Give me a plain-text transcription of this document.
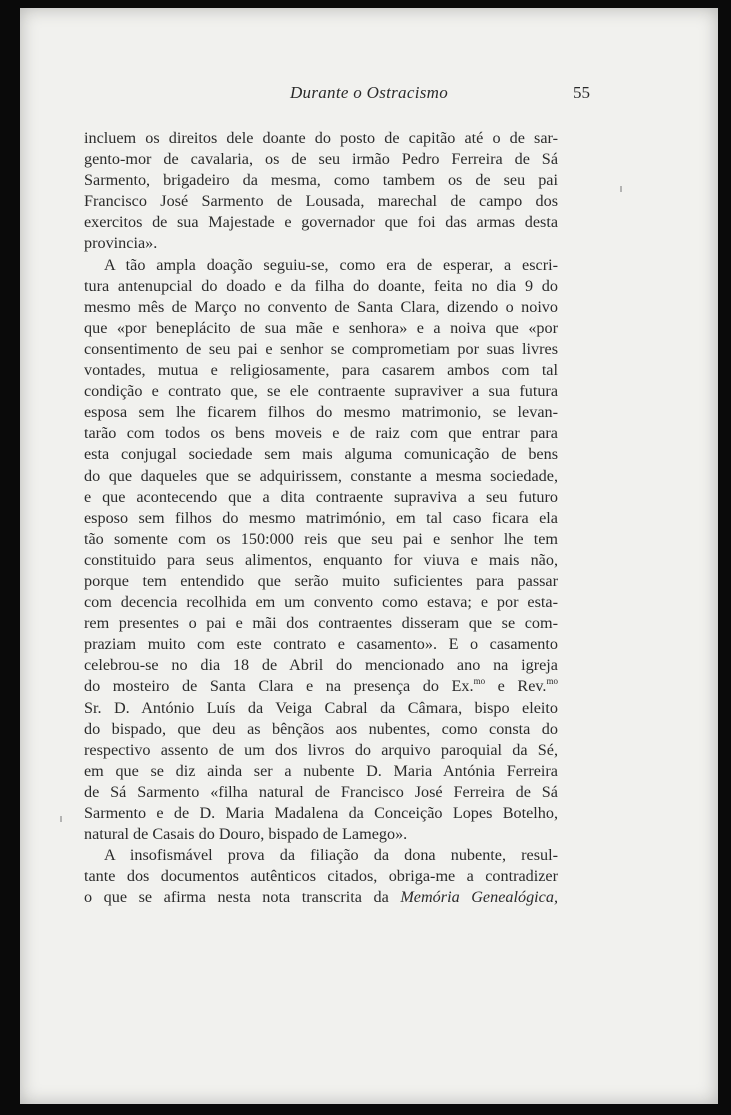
Durante o Ostracismo	55
incluem os direitos dele doante do posto de capitão até o de sar-
gento-mor de cavalaria, os de seu irmão Pedro Ferreira de Sá
Sarmento, brigadeiro da mesma, como tambem os de seu pai
Francisco José Sarmento de Lousada, marechal de campo dos
exercitos de sua Majestade e governador que foi das armas desta
provincia».
A tão ampla doação seguiu-se, como era de esperar, a escri-
tura antenupcial do doado e da filha do doante, feita no dia 9 do
mesmo mês de Março no convento de Santa Clara, dizendo o noivo
que «por beneplácito de sua mãe e senhora» e a noiva que «por
consentimento de seu pai e senhor se comprometiam por suas livres
vontades, mutua e religiosamente, para casarem ambos com tal
condição e contrato que, se ele contraente supraviver a sua futura
esposa sem lhe ficarem filhos do mesmo matrimonio, se levan-
tarão com todos os bens moveis e de raiz com que entrar para
esta conjugal sociedade sem mais alguma comunicação de bens
do que daqueles que se adquirissem, constante a mesma sociedade,
e que acontecendo que a dita contraente supraviva a seu futuro
esposo sem filhos do mesmo matrimónio, em tal caso ficara ela
tão somente com os 150:000 reis que seu pai e senhor lhe tem
constituido para seus alimentos, enquanto for viuva e mais não,
porque tem entendido que serão muito suficientes para passar
com decencia recolhida em um convento como estava; e por esta-
rem presentes o pai e mãi dos contraentes disseram que se com-
praziam muito com este contrato e casamento». E o casamento
celebrou-se no dia 18 de Abril do mencionado ano na igreja
do mosteiro de Santa Clara e na presença do Ex.$^{mo}$ e Rev.$^{mo}$
Sr. D. António Luís da Veiga Cabral da Câmara, bispo eleito
do bispado, que deu as bênçãos aos nubentes, como consta do
respectivo assento de um dos livros do arquivo paroquial da Sé,
em que se diz ainda ser a nubente D. Maria Antónia Ferreira
de Sá Sarmento «filha natural de Francisco José Ferreira de Sá
Sarmento e de D. Maria Madalena da Conceição Lopes Botelho,
natural de Casais do Douro, bispado de Lamego».
A insofismável prova da filiação da dona nubente, resul-
tante dos documentos autênticos citados, obriga-me a contradizer
o que se afirma nesta nota transcrita da Memória Genealógica,
